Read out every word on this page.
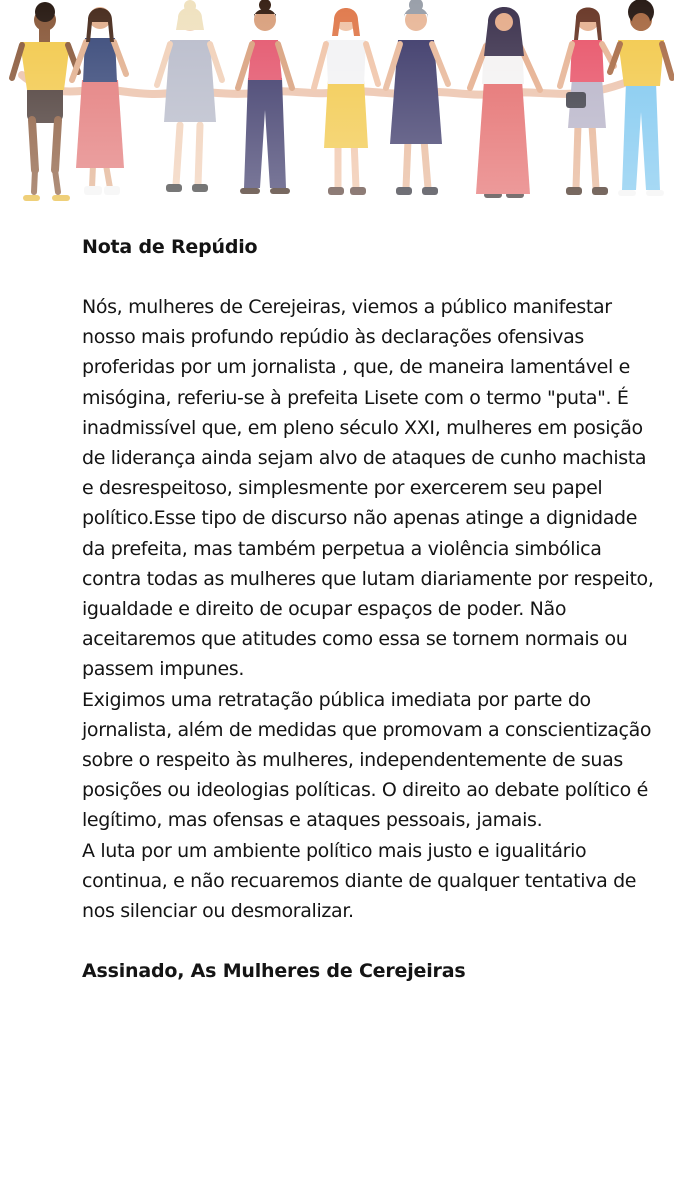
Nota de Repúdio

Nós, mulheres de Cerejeiras, viemos a público manifestar nosso mais profundo repúdio às declarações ofensivas proferidas por um jornalista , que, de maneira lamentável e misógina, referiu-se à prefeita Lisete com o termo "puta". É inadmissível que, em pleno século XXI, mulheres em posição de liderança ainda sejam alvo de ataques de cunho machista e desrespeitoso, simplesmente por exercerem seu papel político.Esse tipo de discurso não apenas atinge a dignidade da prefeita, mas também perpetua a violência simbólica contra todas as mulheres que lutam diariamente por respeito, igualdade e direito de ocupar espaços de poder. Não aceitaremos que atitudes como essa se tornem normais ou passem impunes.

Exigimos uma retratação pública imediata por parte do jornalista, além de medidas que promovam a conscientização sobre o respeito às mulheres, independentemente de suas posições ou ideologias políticas. O direito ao debate político é legítimo, mas ofensas e ataques pessoais, jamais.

A luta por um ambiente político mais justo e igualitário continua, e não recuaremos diante de qualquer tentativa de nos silenciar ou desmoralizar.

Assinado, As Mulheres de Cerejeiras
